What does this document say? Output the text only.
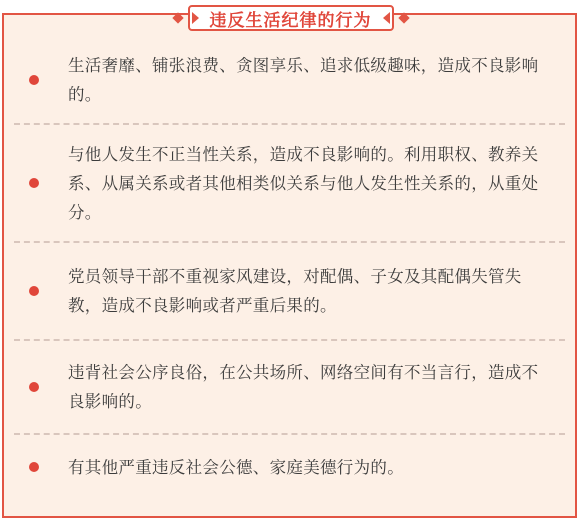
违反生活纪律的行为
生活奢靡、铺张浪费、贪图享乐、追求低级趣味，造成不良影响的。
与他人发生不正当性关系，造成不良影响的。利用职权、教养关系、从属关系或者其他相类似关系与他人发生性关系的，从重处分。
党员领导干部不重视家风建设，对配偶、子女及其配偶失管失教，造成不良影响或者严重后果的。
违背社会公序良俗，在公共场所、网络空间有不当言行，造成不良影响的。
有其他严重违反社会公德、家庭美德行为的。
